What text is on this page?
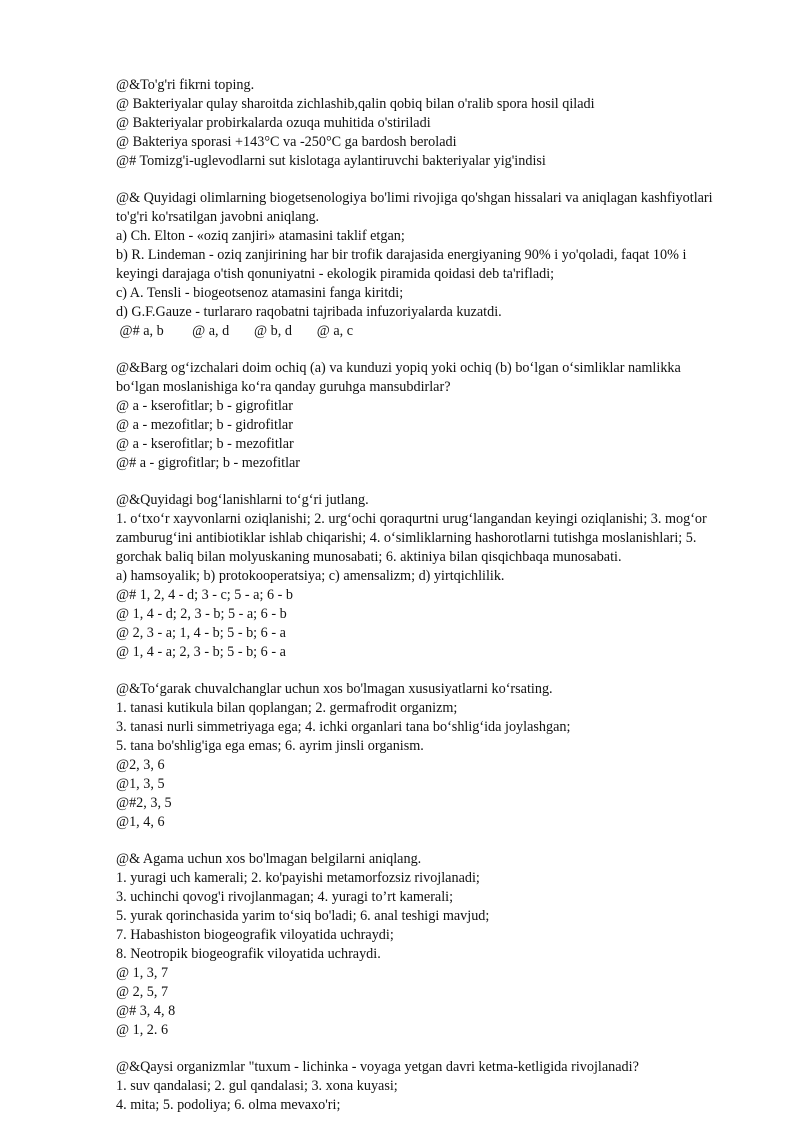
@&To'g'ri fikrni toping.
@ Bakteriyalar qulay sharoitda zichlashib,qalin qobiq bilan o'ralib spora hosil qiladi
@ Bakteriyalar probirkalarda ozuqa muhitida o'stiriladi
@ Bakteriya sporasi +143°C va -250°C ga bardosh beroladi
@# Tomizg'i-uglevodlarni sut kislotaga aylantiruvchi bakteriyalar yig'indisi
@& Quyidagi olimlarning biogetsenologiya bo'limi rivojiga qo'shgan hissalari va aniqlagan kashfiyotlari
to'g'ri ko'rsatilgan javobni aniqlang.
a) Ch. Elton - «oziq zanjiri» atamasini taklif etgan;
b) R. Lindeman - oziq zanjirining har bir trofik darajasida energiyaning 90% i yo'qoladi, faqat 10% i
keyingi darajaga o'tish qonuniyatni - ekologik piramida qoidasi deb ta'rifladi;
c) A. Tensli - biogeotsenoz atamasini fanga kiritdi;
d) G.F.Gauze - turlararo raqobatni tajribada infuzoriyalarda kuzatdi.
@# a, b        @ a, d       @ b, d       @ a, c
@&Barg ogʻizchalari doim ochiq (a) va kunduzi yopiq yoki ochiq (b) boʻlgan oʻsimliklar namlikka
boʻlgan moslanishiga koʻra qanday guruhga mansubdirlar?
@ a - kserofitlar; b - gigrofitlar
@ a - mezofitlar; b - gidrofitlar
@ a - kserofitlar; b - mezofitlar
@# a - gigrofitlar; b - mezofitlar
@&Quyidagi bogʻlanishlarni toʻgʻri jutlang.
1. oʻtxoʻr xayvonlarni oziqlanishi; 2. urgʻochi qoraqurtni urugʻlangandan keyingi oziqlanishi; 3. mogʻor
zamburugʻini antibiotiklar ishlab chiqarishi; 4. oʻsimliklarning hashorotlarni tutishga moslanishlari; 5.
gorchak baliq bilan molyuskaning munosabati; 6. aktiniya bilan qisqichbaqa munosabati.
a) hamsoyalik; b) protokooperatsiya; c) amensalizm; d) yirtqichlilik.
@# 1, 2, 4 - d; 3 - c; 5 - a; 6 - b
@ 1, 4 - d; 2, 3 - b; 5 - a; 6 - b
@ 2, 3 - a; 1, 4 - b; 5 - b; 6 - a
@ 1, 4 - a; 2, 3 - b; 5 - b; 6 - a
@&Toʻgarak chuvalchanglar uchun xos bo'lmagan xususiyatlarni koʻrsating.
1. tanasi kutikula bilan qoplangan; 2. germafrodit organizm;
3. tanasi nurli simmetriyaga ega; 4. ichki organlari tana boʻshligʻida joylashgan;
5. tana bo'shlig'iga ega emas; 6. ayrim jinsli organism.
@2, 3, 6
@1, 3, 5
@#2, 3, 5
@1, 4, 6
@& Agama uchun xos bo'lmagan belgilarni aniqlang.
1. yuragi uch kamerali; 2. ko'payishi metamorfozsiz rivojlanadi;
3. uchinchi qovog'i rivojlanmagan; 4. yuragi to’rt kamerali;
5. yurak qorinchasida yarim to‘siq bo'ladi; 6. anal teshigi mavjud;
7. Habashiston biogeografik viloyatida uchraydi;
8. Neotropik biogeografik viloyatida uchraydi.
@ 1, 3, 7
@ 2, 5, 7
@# 3, 4, 8
@ 1, 2. 6
@&Qaysi organizmlar "tuxum - lichinka - voyaga yetgan davri ketma-ketligida rivojlanadi?
1. suv qandalasi; 2. gul qandalasi; 3. xona kuyasi;
4. mita; 5. podoliya; 6. olma mevaxo'ri;
